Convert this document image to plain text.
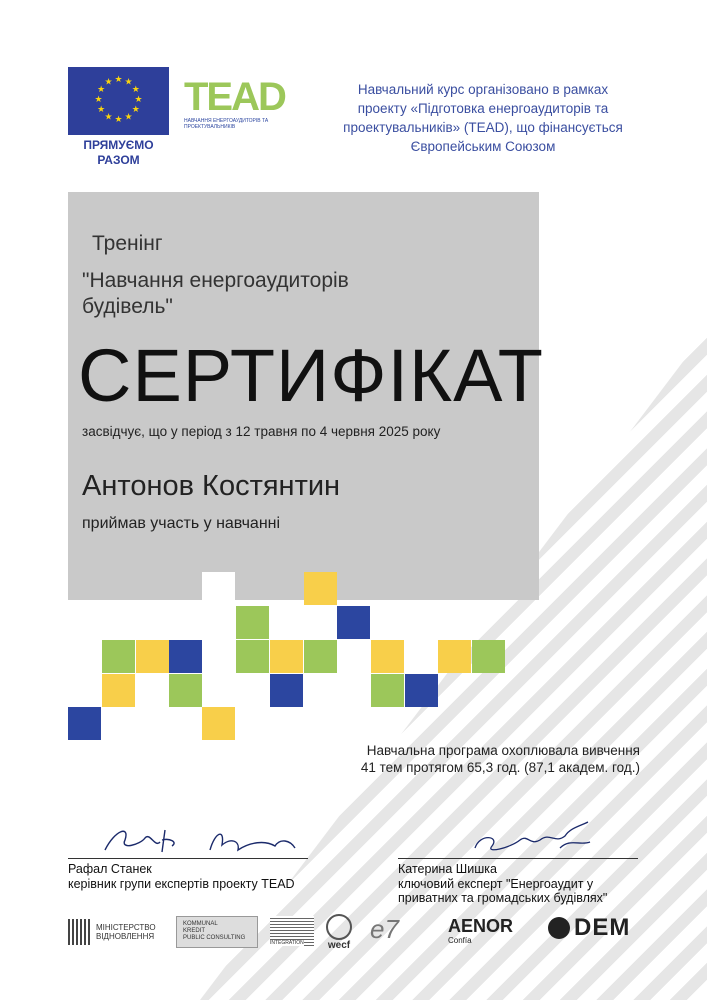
★ ★
★
★
★
★
★
★
★
★
★
★
ПРЯМУЄМО
РАЗОМ
TEAD
НАВЧАННЯ ЕНЕРГОАУДИТОРІВ ТА ПРОЕКТУВАЛЬНИКІВ
Навчальний курс організовано в рамках
проекту «Підготовка енергоаудиторів та
проектувальників» (TEAD), що фінансується
Європейським Союзом
Тренінг
"Навчання енергоаудиторів
будівель"
СЕРТИФІКАТ
засвідчує, що у період з 12 травня по 4 червня 2025 року
Антонов Костянтин
приймав участь у навчанні
Навчальна програма охоплювала вивчення
41 тем протягом 65,3 год. (87,1 академ. год.)
Рафал Станек
керівник групи експертів проекту TEAD
Катерина Шишка
ключовий експерт "Енергоаудит у
приватних та громадських будівлях"
МІНІСТЕРСТВО
ВІДНОВЛЕННЯ
KOMMUNAL
KREDIT
PUBLIC CONSULTING
INTEGRATION	wecf
e7	AENOR
Confía	DEM
